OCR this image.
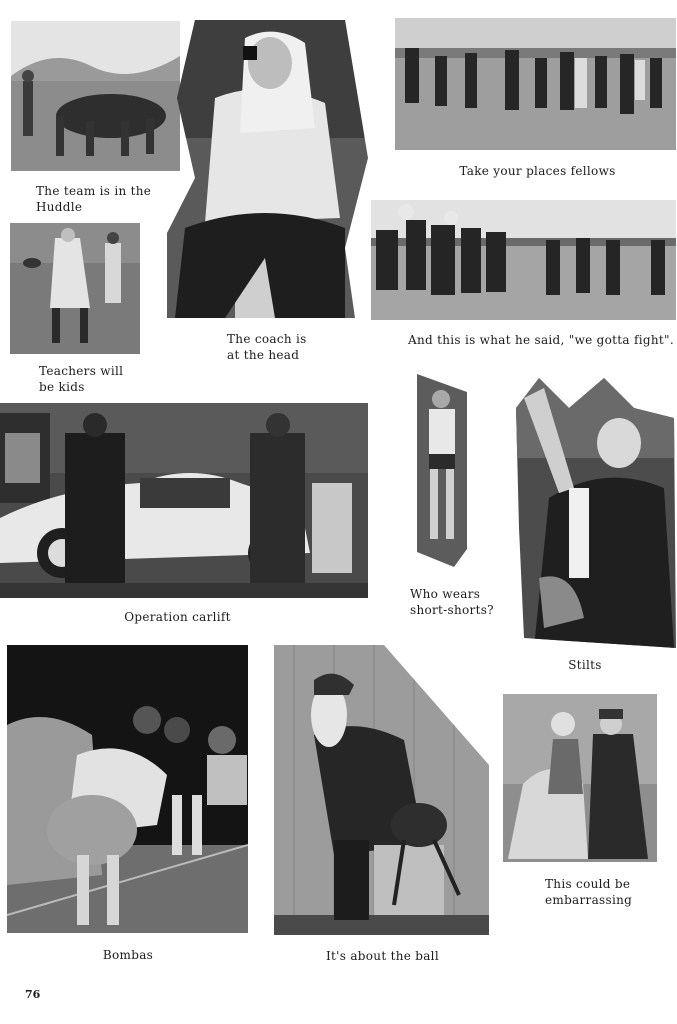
The team is in the
Huddle
Take your places fellows
Teachers will
be kids
The coach is
at the head
And this is what he said, "we gotta fight".
Operation carlift
Who wears
short-shorts?
Stilts
Bombas	It's about the ball
This could be
embarrassing
76
